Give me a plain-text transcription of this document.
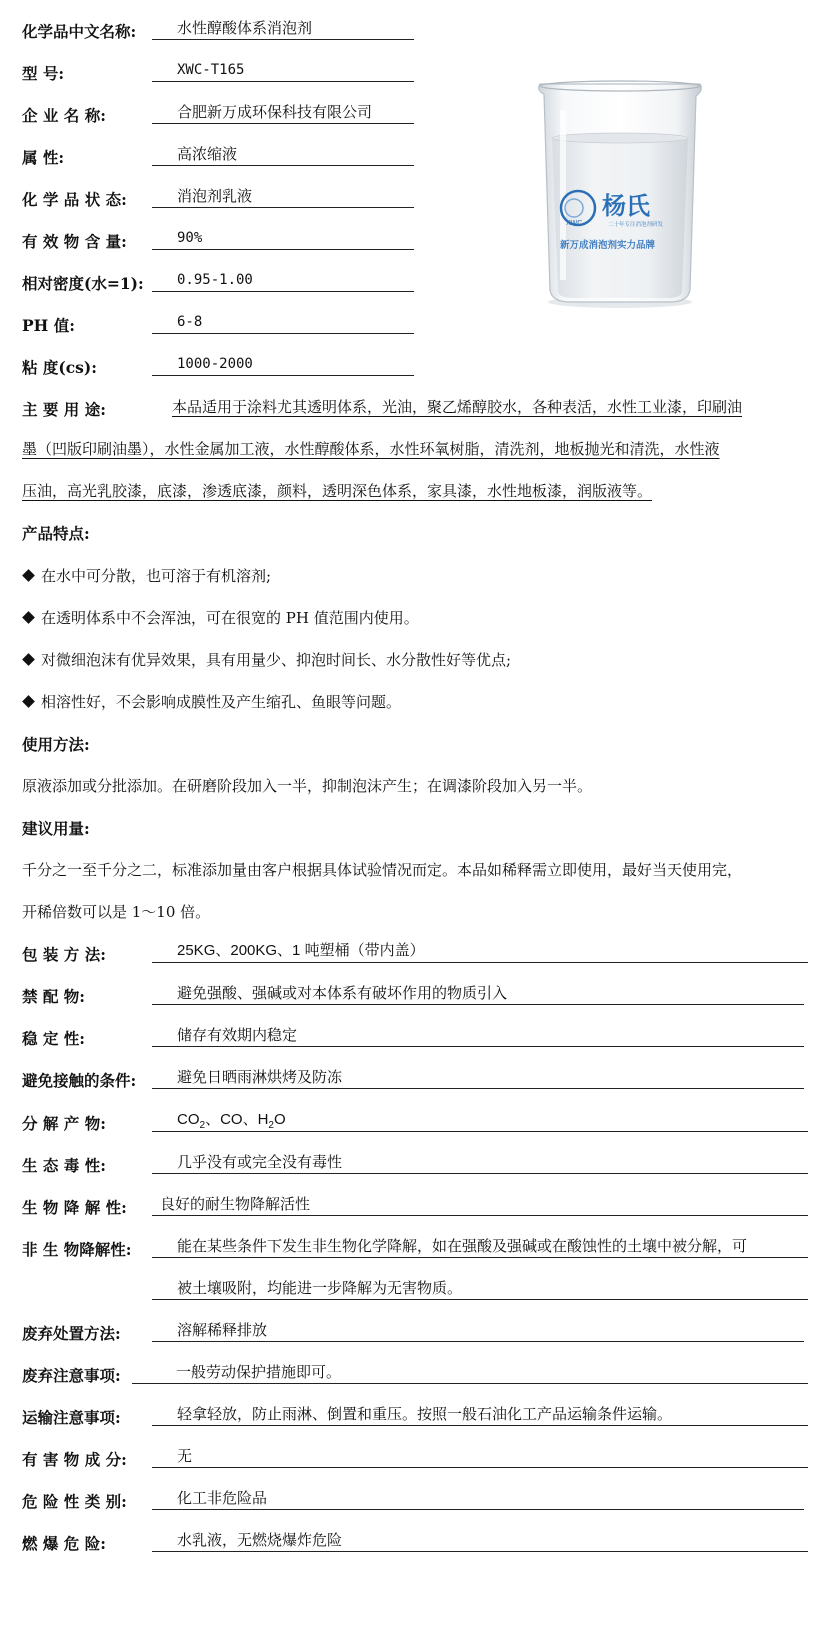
化学品中文名称:	水性醇酸体系消泡剂
型 号:	XWC-T165
企 业 名 称:	合肥新万成环保科技有限公司
属 性:	高浓缩液
化 学 品 状 态:	消泡剂乳液
有 效 物 含 量:	90%
相对密度(水=1):	0.95-1.00
PH 值:	6-8
粘 度(cs):	1000-2000
XWC
杨氏
二十年专注消泡剂研发
新万成消泡剂实力品牌
主 要 用 途:	本品适用于涂料尤其透明体系，光油，聚乙烯醇胶水，各种表活，水性工业漆，印刷油
墨（凹版印刷油墨），水性金属加工液，水性醇酸体系，水性环氧树脂，清洗剂，地板抛光和清洗，水性液
压油，高光乳胶漆，底漆，渗透底漆，颜料，透明深色体系，家具漆，水性地板漆，润版液等。
产品特点:
在水中可分散，也可溶于有机溶剂;
在透明体系中不会浑浊，可在很宽的 PH 值范围内使用。
对微细泡沫有优异效果，具有用量少、抑泡时间长、水分散性好等优点;
相溶性好，不会影响成膜性及产生缩孔、鱼眼等问题。
使用方法:
原液添加或分批添加。在研磨阶段加入一半，抑制泡沫产生；在调漆阶段加入另一半。
建议用量:
千分之一至千分之二，标准添加量由客户根据具体试验情况而定。本品如稀释需立即使用，最好当天使用完，
开稀倍数可以是 1～10 倍。
包 装 方 法:	25KG、200KG、1 吨塑桶（带内盖）
禁 配 物:	避免强酸、强碱或对本体系有破坏作用的物质引入
稳 定 性:	储存有效期内稳定
避免接触的条件:	避免日晒雨淋烘烤及防冻
分 解 产 物:	$CO_2$、CO、$H_2O$
生 态 毒 性:	几乎没有或完全没有毒性
生 物 降 解 性:	良好的耐生物降解活性
非 生 物降解性:	能在某些条件下发生非生物化学降解，如在强酸及强碱或在酸蚀性的土壤中被分解，可
被土壤吸附，均能进一步降解为无害物质。
废弃处置方法:	溶解稀释排放
废弃注意事项:	一般劳动保护措施即可。
运输注意事项:	轻拿轻放，防止雨淋、倒置和重压。按照一般石油化工产品运输条件运输。
有 害 物 成 分:	无
危 险 性 类 别:	化工非危险品
燃 爆 危 险:	水乳液，无燃烧爆炸危险
